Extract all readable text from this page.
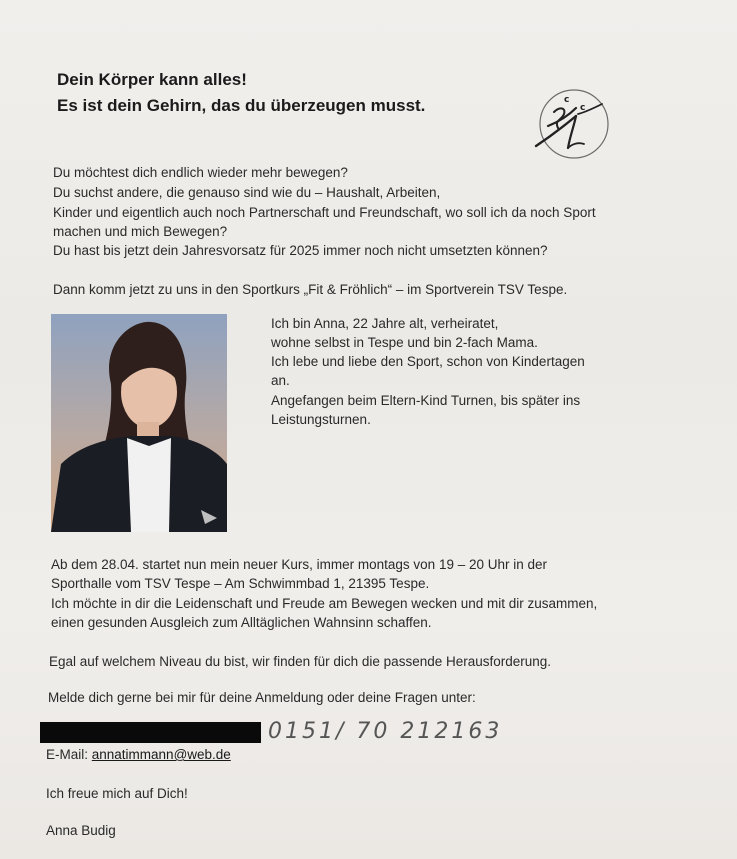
Dein Körper kann alles!
Es ist dein Gehirn, das du überzeugen musst.	c
c
Du möchtest dich endlich wieder mehr bewegen?
Du suchst andere, die genauso sind wie du – Haushalt, Arbeiten,
Kinder und eigentlich auch noch Partnerschaft und Freundschaft, wo soll ich da noch Sport
machen und mich Bewegen?
Du hast bis jetzt dein Jahresvorsatz für 2025 immer noch nicht umsetzten können?
Dann komm jetzt zu uns in den Sportkurs „Fit & Fröhlich“ – im Sportverein TSV Tespe.
Ich bin Anna, 22 Jahre alt, verheiratet,
wohne selbst in Tespe und bin 2-fach Mama.
Ich lebe und liebe den Sport, schon von Kindertagen
an.
Angefangen beim Eltern-Kind Turnen, bis später ins
Leistungsturnen.
Ab dem 28.04. startet nun mein neuer Kurs, immer montags von 19 – 20 Uhr in der
Sporthalle vom TSV Tespe – Am Schwimmbad 1, 21395 Tespe.
Ich möchte in dir die Leidenschaft und Freude am Bewegen wecken und mit dir zusammen,
einen gesunden Ausgleich zum Alltäglichen Wahnsinn schaffen.
Egal auf welchem Niveau du bist, wir finden für dich die passende Herausforderung.
Melde dich gerne bei mir für deine Anmeldung oder deine Fragen unter:
0151/ 70 212163
E-Mail: annatimmann@web.de
Ich freue mich auf Dich!
Anna Budig
